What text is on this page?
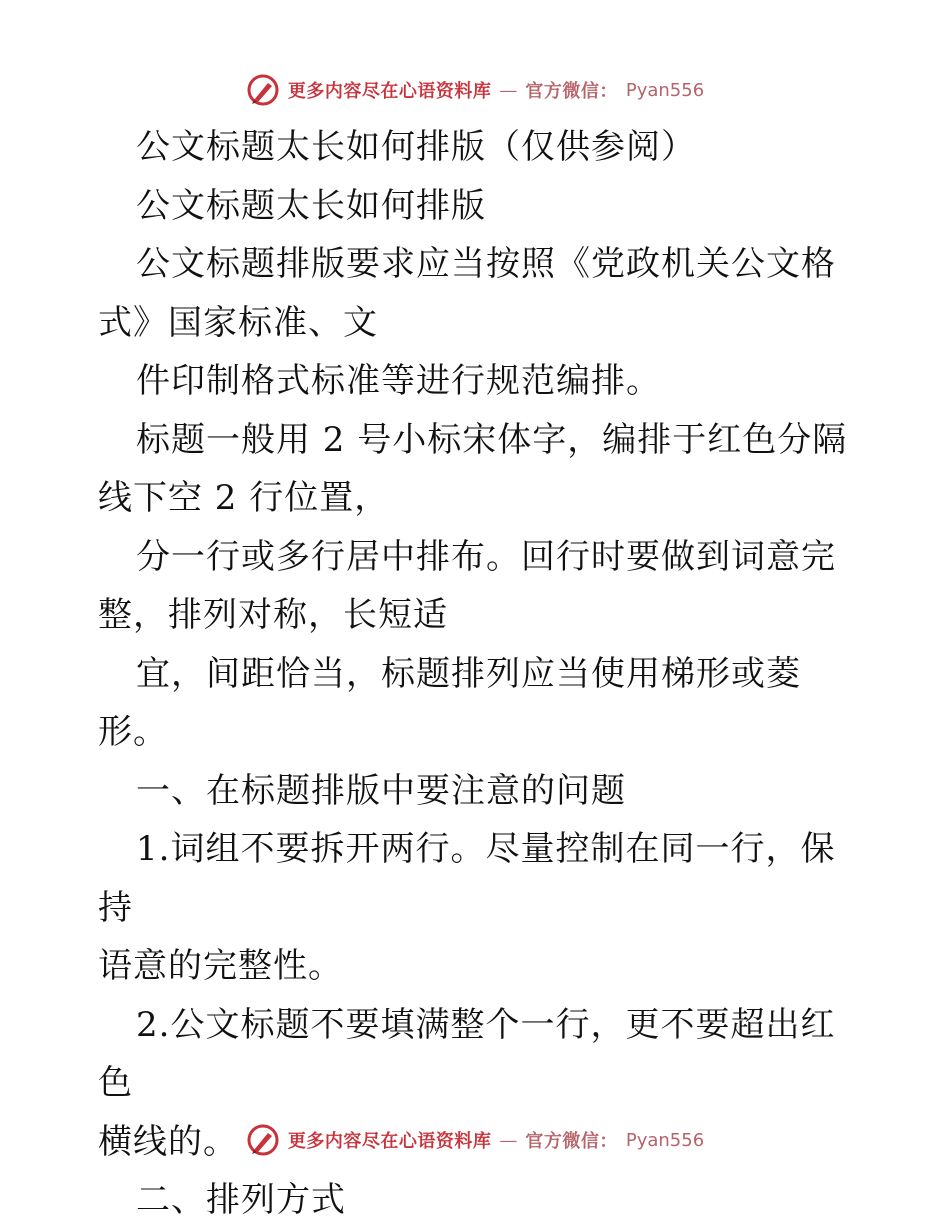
更多内容尽在心语资料库 — 官方微信： Pyan556

公文标题太长如何排版（仅供参阅）

公文标题太长如何排版

公文标题排版要求应当按照《党政机关公文格

式》国家标准、文

件印制格式标准等进行规范编排。

标题一般用 2 号小标宋体字，编排于红色分隔

线下空 2 行位置，

分一行或多行居中排布。回行时要做到词意完

整，排列对称，长短适

宜，间距恰当，标题排列应当使用梯形或菱形。

一、在标题排版中要注意的问题

1.词组不要拆开两行。尽量控制在同一行，保持

语意的完整性。

2.公文标题不要填满整个一行，更不要超出红色

横线的。

二、排列方式

更多内容尽在心语资料库 — 官方微信： Pyan556
